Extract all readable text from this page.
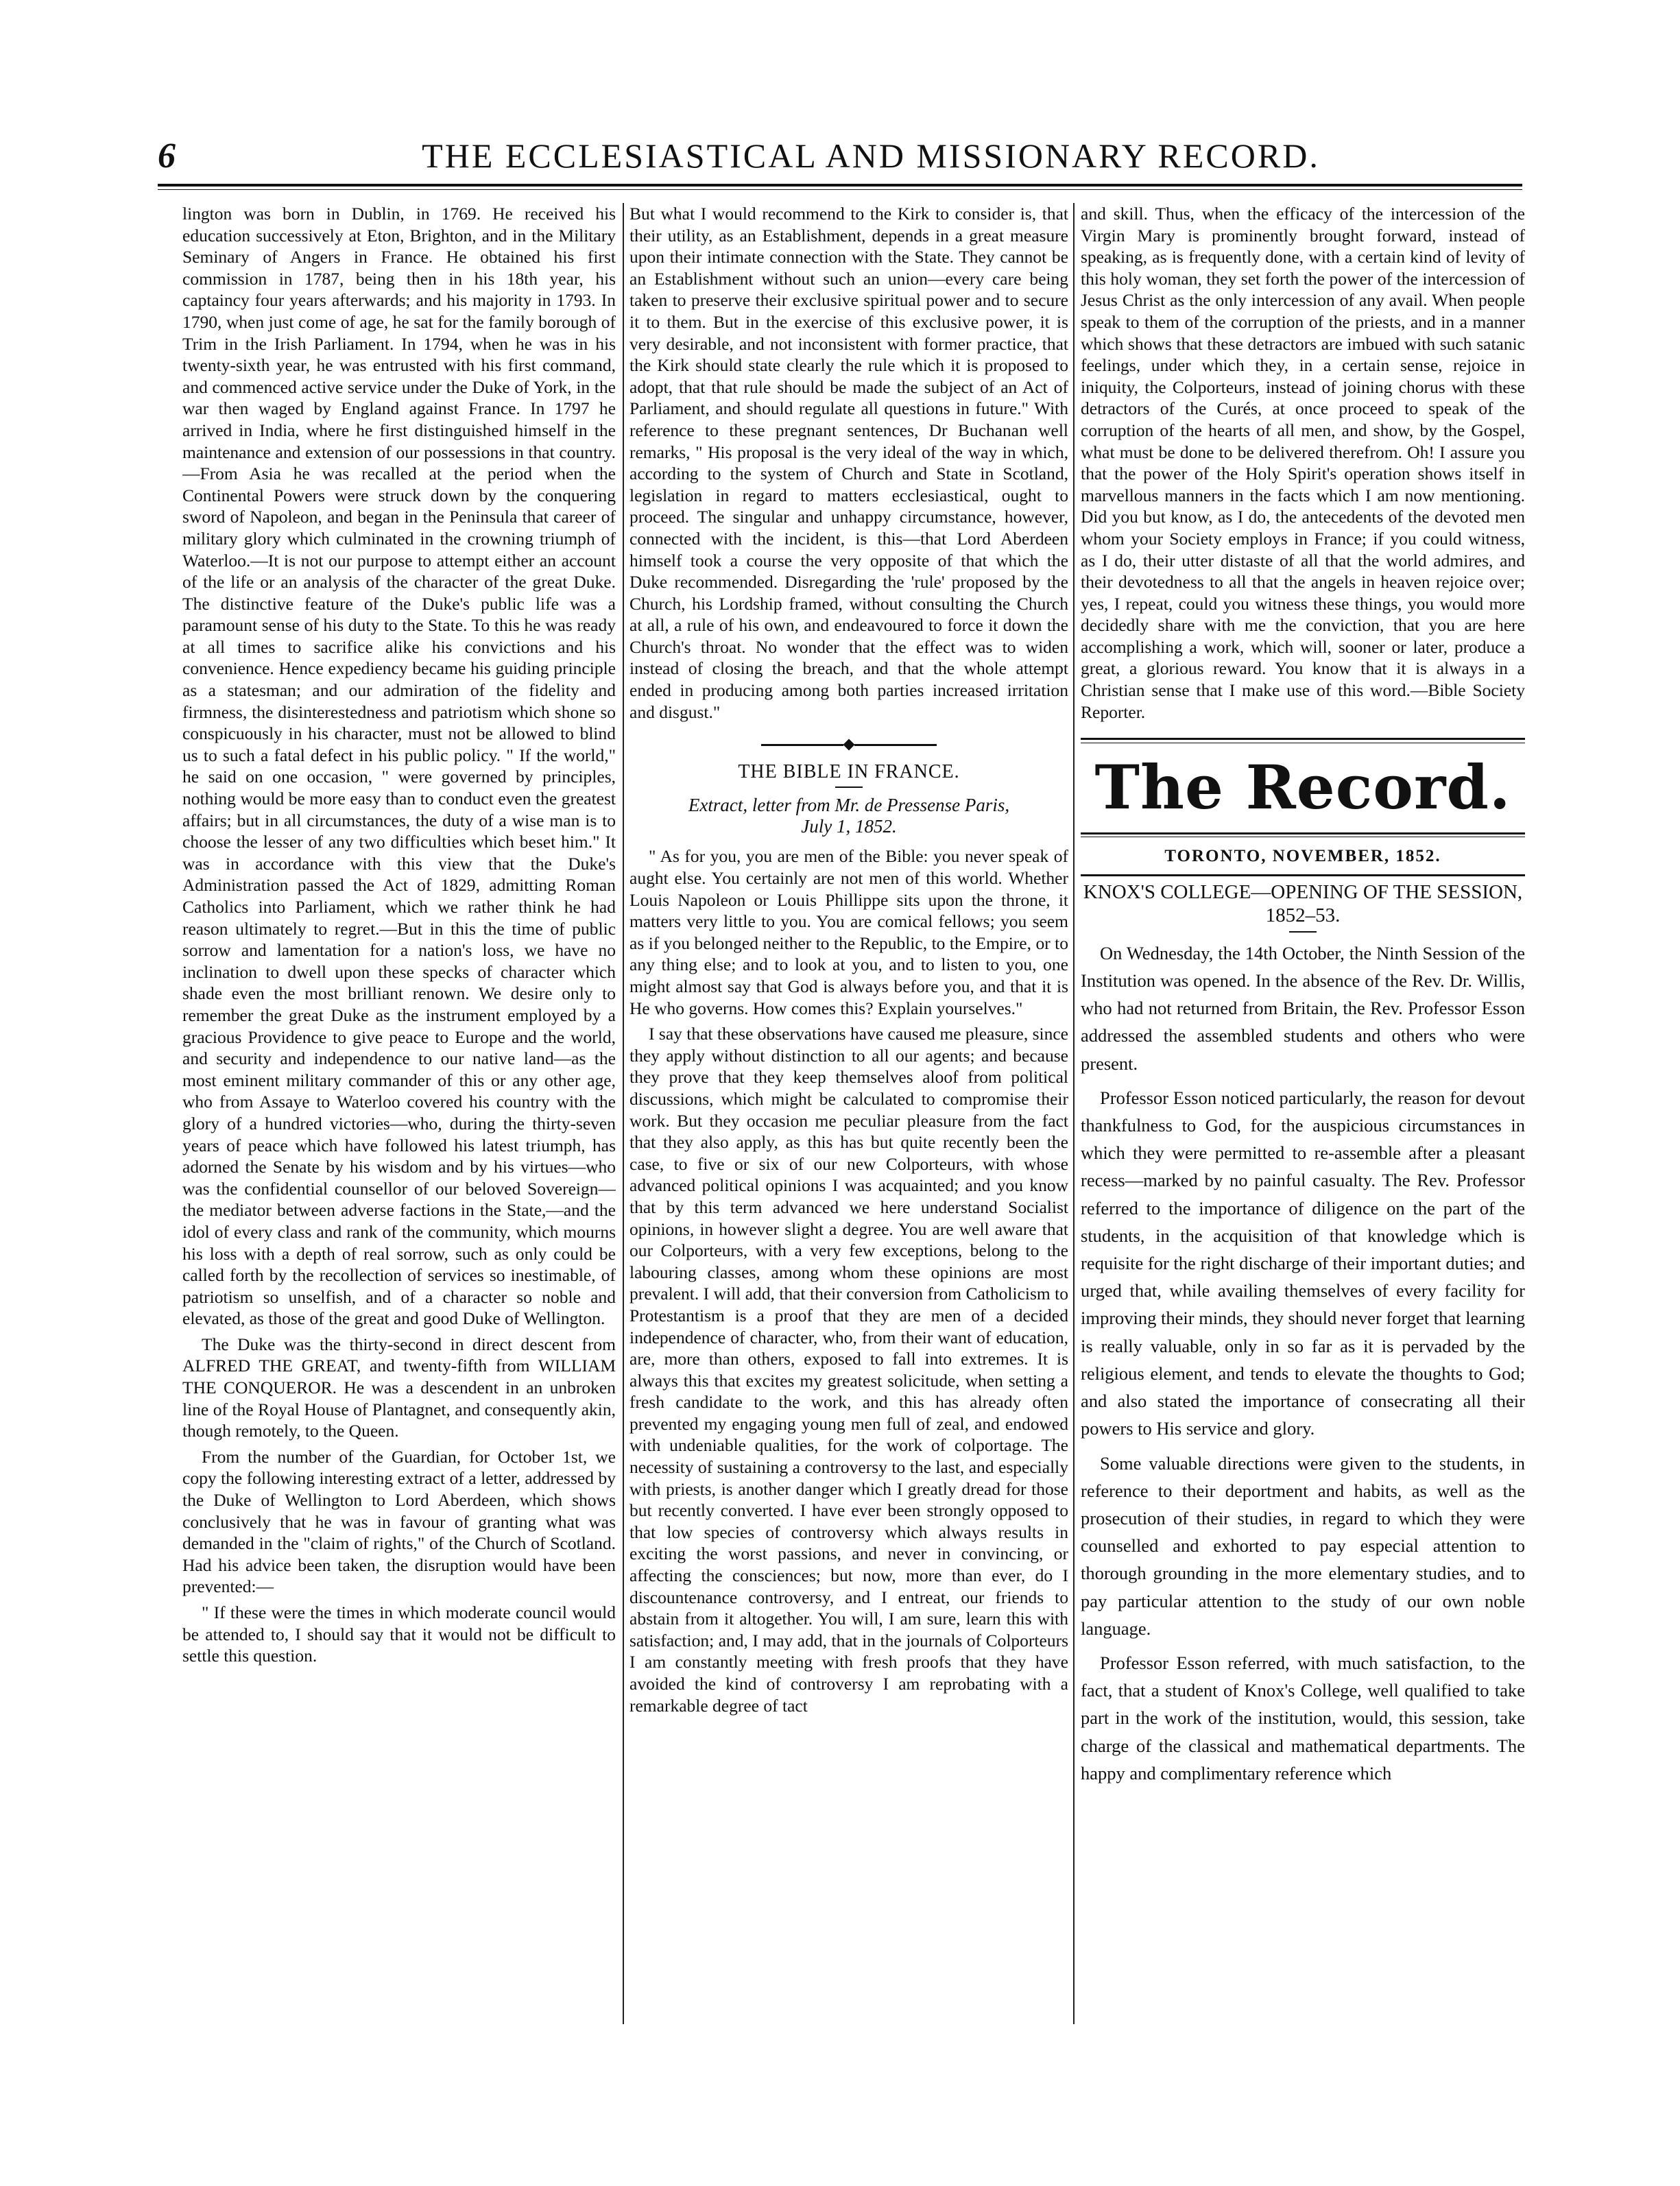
6	THE ECCLESIASTICAL AND MISSIONARY RECORD.

lington was born in Dublin, in 1769. He received his education successively at Eton, Brighton, and in the Military Seminary of Angers in France. He obtained his first commission in 1787, being then in his 18th year, his captaincy four years afterwards; and his majority in 1793. In 1790, when just come of age, he sat for the family borough of Trim in the Irish Parliament. In 1794, when he was in his twenty-sixth year, he was entrusted with his first command, and commenced active service under the Duke of York, in the war then waged by England against France. In 1797 he arrived in India, where he first distinguished himself in the maintenance and extension of our possessions in that country.—From Asia he was recalled at the period when the Continental Powers were struck down by the conquering sword of Napoleon, and began in the Peninsula that career of military glory which culminated in the crowning triumph of Waterloo.—It is not our purpose to attempt either an account of the life or an analysis of the character of the great Duke. The distinctive feature of the Duke's public life was a paramount sense of his duty to the State. To this he was ready at all times to sacrifice alike his convictions and his convenience. Hence expediency became his guiding principle as a statesman; and our admiration of the fidelity and firmness, the disinterestedness and patriotism which shone so conspicuously in his character, must not be allowed to blind us to such a fatal defect in his public policy. " If the world," he said on one occasion, " were governed by principles, nothing would be more easy than to conduct even the greatest affairs; but in all circumstances, the duty of a wise man is to choose the lesser of any two difficulties which beset him." It was in accordance with this view that the Duke's Administration passed the Act of 1829, admitting Roman Catholics into Parliament, which we rather think he had reason ultimately to regret.—But in this the time of public sorrow and lamentation for a nation's loss, we have no inclination to dwell upon these specks of character which shade even the most brilliant renown. We desire only to remember the great Duke as the instrument employed by a gracious Providence to give peace to Europe and the world, and security and independence to our native land—as the most eminent military commander of this or any other age, who from Assaye to Waterloo covered his country with the glory of a hundred victories—who, during the thirty-seven years of peace which have followed his latest triumph, has adorned the Senate by his wisdom and by his virtues—who was the confidential counsellor of our beloved Sovereign—the mediator between adverse factions in the State,—and the idol of every class and rank of the community, which mourns his loss with a depth of real sorrow, such as only could be called forth by the recollection of services so inestimable, of patriotism so unselfish, and of a character so noble and elevated, as those of the great and good Duke of Wellington.

The Duke was the thirty-second in direct descent from ALFRED THE GREAT, and twenty-fifth from WILLIAM THE CONQUEROR. He was a descendent in an unbroken line of the Royal House of Plantagnet, and consequently akin, though remotely, to the Queen.

From the number of the Guardian, for October 1st, we copy the following interesting extract of a letter, addressed by the Duke of Wellington to Lord Aberdeen, which shows conclusively that he was in favour of granting what was demanded in the "claim of rights," of the Church of Scotland. Had his advice been taken, the disruption would have been prevented:—

" If these were the times in which moderate council would be attended to, I should say that it would not be difficult to settle this question.

But what I would recommend to the Kirk to consider is, that their utility, as an Establishment, depends in a great measure upon their intimate connection with the State. They cannot be an Establishment without such an union—every care being taken to preserve their exclusive spiritual power and to secure it to them. But in the exercise of this exclusive power, it is very desirable, and not inconsistent with former practice, that the Kirk should state clearly the rule which it is proposed to adopt, that that rule should be made the subject of an Act of Parliament, and should regulate all questions in future." With reference to these pregnant sentences, Dr Buchanan well remarks, " His proposal is the very ideal of the way in which, according to the system of Church and State in Scotland, legislation in regard to matters ecclesiastical, ought to proceed. The singular and unhappy circumstance, however, connected with the incident, is this—that Lord Aberdeen himself took a course the very opposite of that which the Duke recommended. Disregarding the 'rule' proposed by the Church, his Lordship framed, without consulting the Church at all, a rule of his own, and endeavoured to force it down the Church's throat. No wonder that the effect was to widen instead of closing the breach, and that the whole attempt ended in producing among both parties increased irritation and disgust."

THE BIBLE IN FRANCE.
Extract, letter from Mr. de Pressense Paris,
July 1, 1852.

" As for you, you are men of the Bible: you never speak of aught else. You certainly are not men of this world. Whether Louis Napoleon or Louis Phillippe sits upon the throne, it matters very little to you. You are comical fellows; you seem as if you belonged neither to the Republic, to the Empire, or to any thing else; and to look at you, and to listen to you, one might almost say that God is always before you, and that it is He who governs. How comes this? Explain yourselves."

I say that these observations have caused me pleasure, since they apply without distinction to all our agents; and because they prove that they keep themselves aloof from political discussions, which might be calculated to compromise their work. But they occasion me peculiar pleasure from the fact that they also apply, as this has but quite recently been the case, to five or six of our new Colporteurs, with whose advanced political opinions I was acquainted; and you know that by this term advanced we here understand Socialist opinions, in however slight a degree. You are well aware that our Colporteurs, with a very few exceptions, belong to the labouring classes, among whom these opinions are most prevalent. I will add, that their conversion from Catholicism to Protestantism is a proof that they are men of a decided independence of character, who, from their want of education, are, more than others, exposed to fall into extremes. It is always this that excites my greatest solicitude, when setting a fresh candidate to the work, and this has already often prevented my engaging young men full of zeal, and endowed with undeniable qualities, for the work of colportage. The necessity of sustaining a controversy to the last, and especially with priests, is another danger which I greatly dread for those but recently converted. I have ever been strongly opposed to that low species of controversy which always results in exciting the worst passions, and never in convincing, or affecting the consciences; but now, more than ever, do I discountenance controversy, and I entreat, our friends to abstain from it altogether. You will, I am sure, learn this with satisfaction; and, I may add, that in the journals of Colporteurs I am constantly meeting with fresh proofs that they have avoided the kind of controversy I am reprobating with a remarkable degree of tact

and skill. Thus, when the efficacy of the intercession of the Virgin Mary is prominently brought forward, instead of speaking, as is frequently done, with a certain kind of levity of this holy woman, they set forth the power of the intercession of Jesus Christ as the only intercession of any avail. When people speak to them of the corruption of the priests, and in a manner which shows that these detractors are imbued with such satanic feelings, under which they, in a certain sense, rejoice in iniquity, the Colporteurs, instead of joining chorus with these detractors of the Curés, at once proceed to speak of the corruption of the hearts of all men, and show, by the Gospel, what must be done to be delivered therefrom. Oh! I assure you that the power of the Holy Spirit's operation shows itself in marvellous manners in the facts which I am now mentioning. Did you but know, as I do, the antecedents of the devoted men whom your Society employs in France; if you could witness, as I do, their utter distaste of all that the world admires, and their devotedness to all that the angels in heaven rejoice over; yes, I repeat, could you witness these things, you would more decidedly share with me the conviction, that you are here accomplishing a work, which will, sooner or later, produce a great, a glorious reward. You know that it is always in a Christian sense that I make use of this word.—Bible Society Reporter.

The Record.
TORONTO, NOVEMBER, 1852.
KNOX'S COLLEGE—OPENING OF THE SESSION, 1852–53.

On Wednesday, the 14th October, the Ninth Session of the Institution was opened. In the absence of the Rev. Dr. Willis, who had not returned from Britain, the Rev. Professor Esson addressed the assembled students and others who were present.

Professor Esson noticed particularly, the reason for devout thankfulness to God, for the auspicious circumstances in which they were permitted to re-assemble after a pleasant recess—marked by no painful casualty. The Rev. Professor referred to the importance of diligence on the part of the students, in the acquisition of that knowledge which is requisite for the right discharge of their important duties; and urged that, while availing themselves of every facility for improving their minds, they should never forget that learning is really valuable, only in so far as it is pervaded by the religious element, and tends to elevate the thoughts to God; and also stated the importance of consecrating all their powers to His service and glory.

Some valuable directions were given to the students, in reference to their deportment and habits, as well as the prosecution of their studies, in regard to which they were counselled and exhorted to pay especial attention to thorough grounding in the more elementary studies, and to pay particular attention to the study of our own noble language.

Professor Esson referred, with much satisfaction, to the fact, that a student of Knox's College, well qualified to take part in the work of the institution, would, this session, take charge of the classical and mathematical departments. The happy and complimentary reference which
